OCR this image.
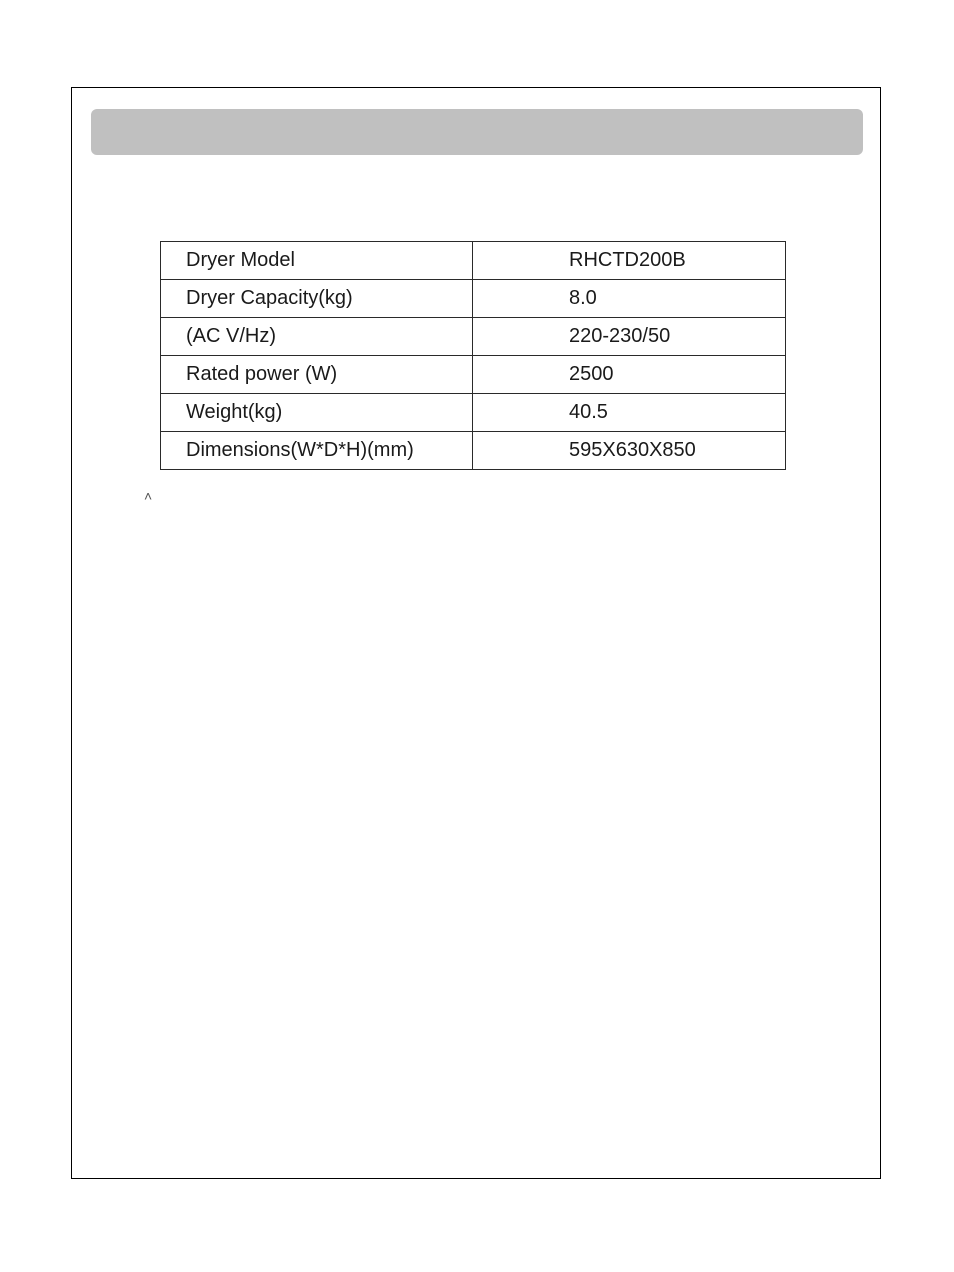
Dryer Model	RHCTD200B
Dryer Capacity(kg)	8.0
(AC V/Hz)	220-230/50
Rated power (W)	2500
Weight(kg)	40.5
Dimensions(W*D*H)(mm)	595X630X850
˄
